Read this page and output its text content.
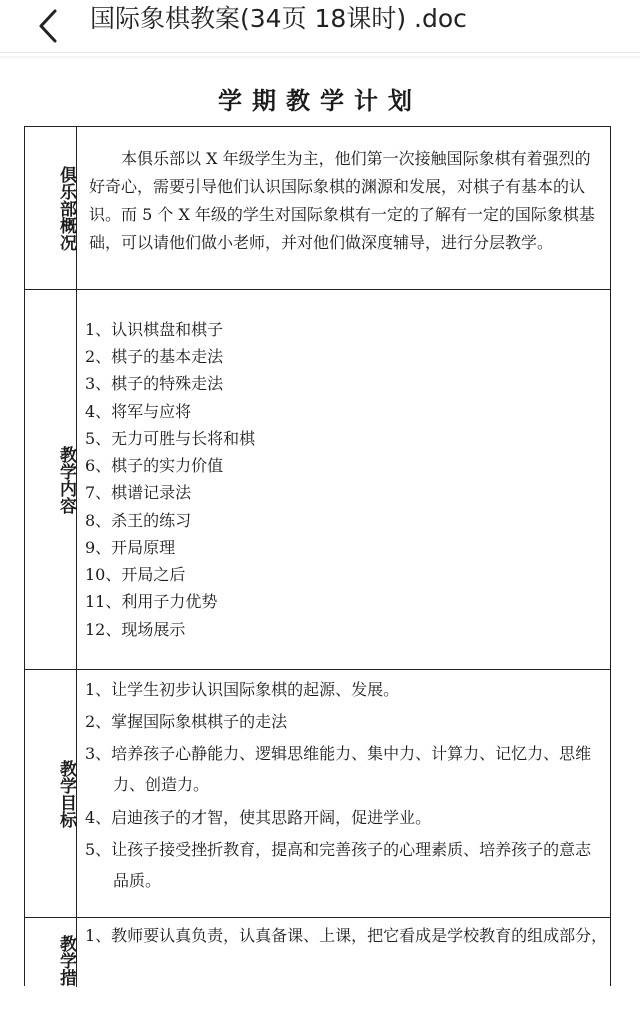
国际象棋教案(34页 18课时) .doc
学期教学计划
俱乐部概况
本俱乐部以 X 年级学生为主，他们第一次接触国际象棋有着强烈的好奇心，需要引导他们认识国际象棋的渊源和发展，对棋子有基本的认识。而 5 个 X 年级的学生对国际象棋有一定的了解有一定的国际象棋基础，可以请他们做小老师，并对他们做深度辅导，进行分层教学。
教学内容
1、认识棋盘和棋子
2、棋子的基本走法
3、棋子的特殊走法
4、将军与应将
5、无力可胜与长将和棋
6、棋子的实力价值
7、棋谱记录法
8、杀王的练习
9、开局原理
10、开局之后
11、利用子力优势
12、现场展示
教学目标
1、让学生初步认识国际象棋的起源、发展。
2、掌握国际象棋棋子的走法
3、培养孩子心静能力、逻辑思维能力、集中力、计算力、记忆力、思维力、创造力。
4、启迪孩子的才智，使其思路开阔，促进学业。
5、让孩子接受挫折教育，提高和完善孩子的心理素质、培养孩子的意志品质。
教学措 1、教师要认真负责，认真备课、上课，把它看成是学校教育的组成部分，
